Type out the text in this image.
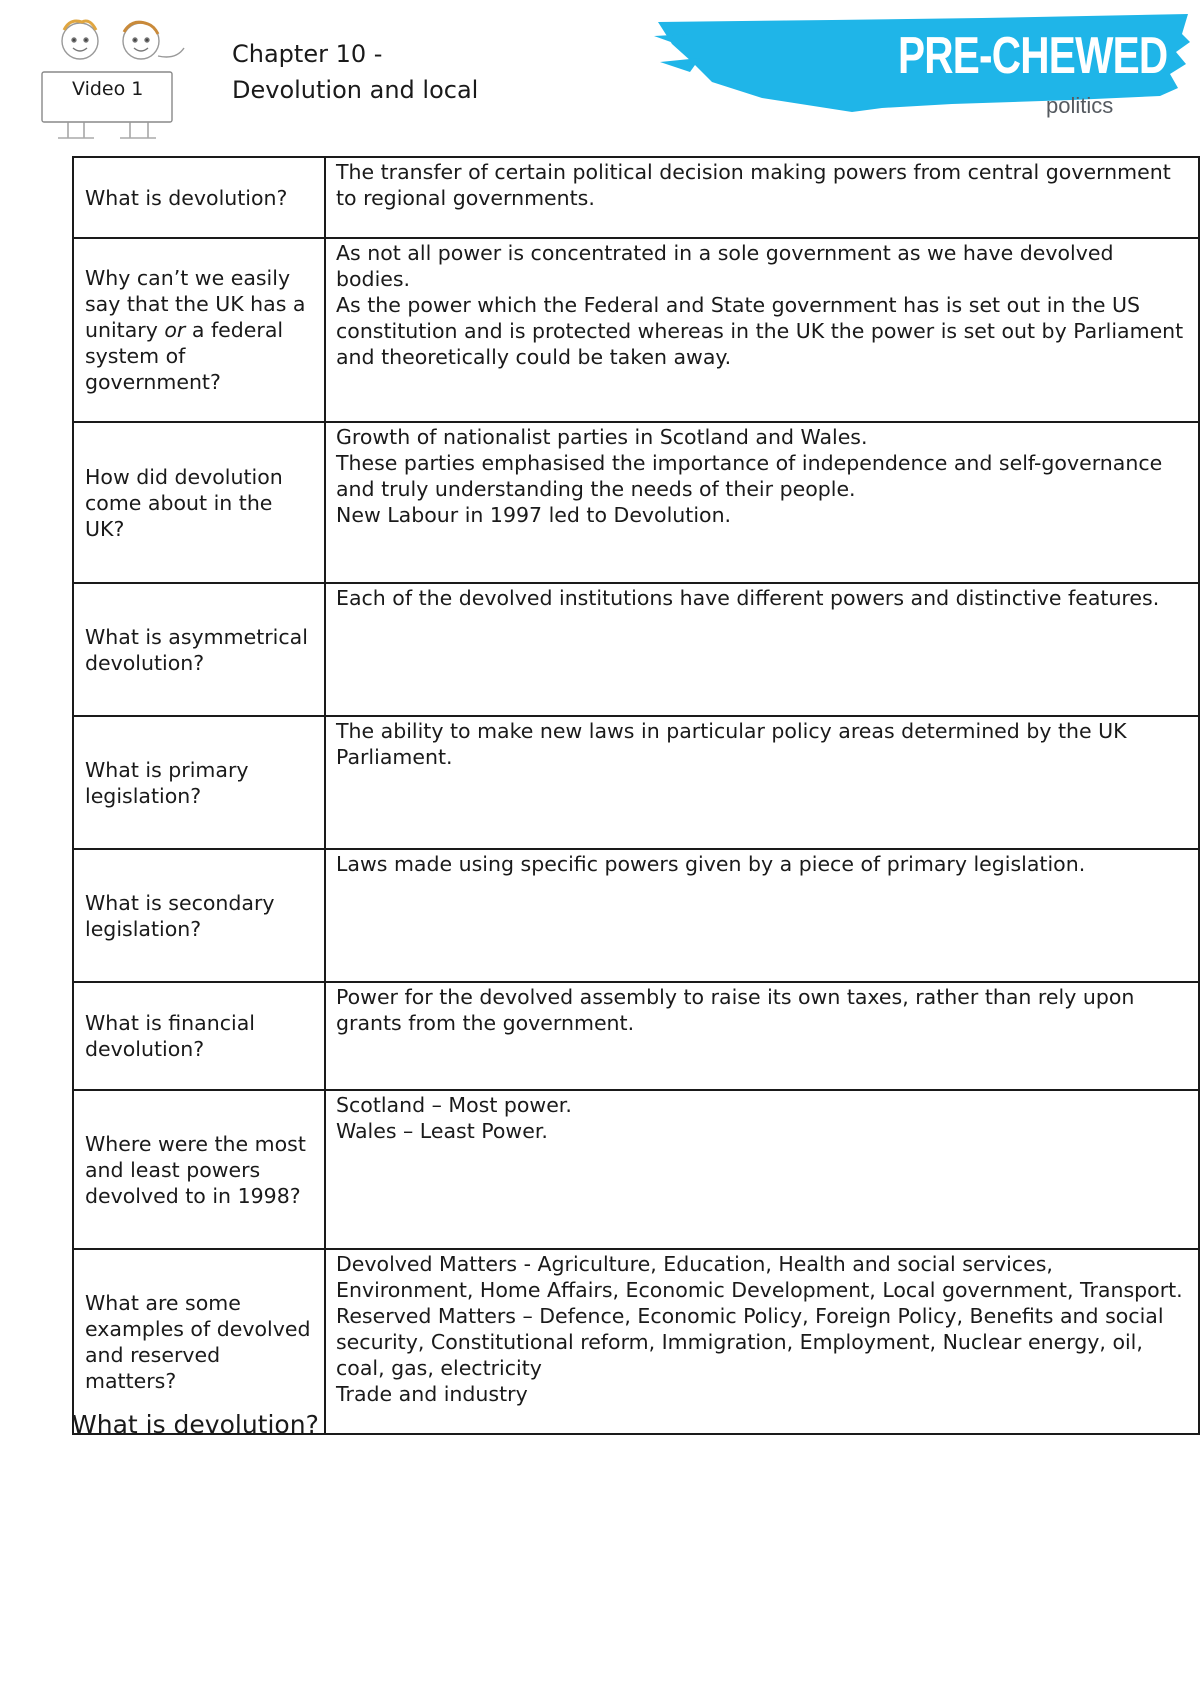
Video 1
Chapter 10 -
Devolution and local
PRE-CHEWED
politics
What is devolution?	The transfer of certain political decision making powers from central government to regional governments.

Why can’t we easily say that the UK has a unitary or a federal system of government?	As not all power is concentrated in a sole government as we have devolved bodies.
As the power which the Federal and State government has is set out in the US constitution and is protected whereas in the UK the power is set out by Parliament and theoretically could be taken away.

How did devolution come about in the UK?	Growth of nationalist parties in Scotland and Wales.
These parties emphasised the importance of independence and self-governance and truly understanding the needs of their people.
New Labour in 1997 led to Devolution.

What is asymmetrical devolution?	Each of the devolved institutions have different powers and distinctive features.

What is primary legislation?	The ability to make new laws in particular policy areas determined by the UK Parliament.

What is secondary legislation?	Laws made using specific powers given by a piece of primary legislation.

What is financial devolution?	Power for the devolved assembly to raise its own taxes, rather than rely upon grants from the government.

Where were the most and least powers devolved to in 1998?	Scotland – Most power.
Wales – Least Power.

What are some examples of devolved and reserved matters?	Devolved Matters - Agriculture, Education, Health and social services, Environment, Home Affairs, Economic Development, Local government, Transport.
Reserved Matters – Defence, Economic Policy, Foreign Policy, Benefits and social security, Constitutional reform, Immigration, Employment, Nuclear energy, oil, coal, gas, electricity
Trade and industry
What is devolution?
